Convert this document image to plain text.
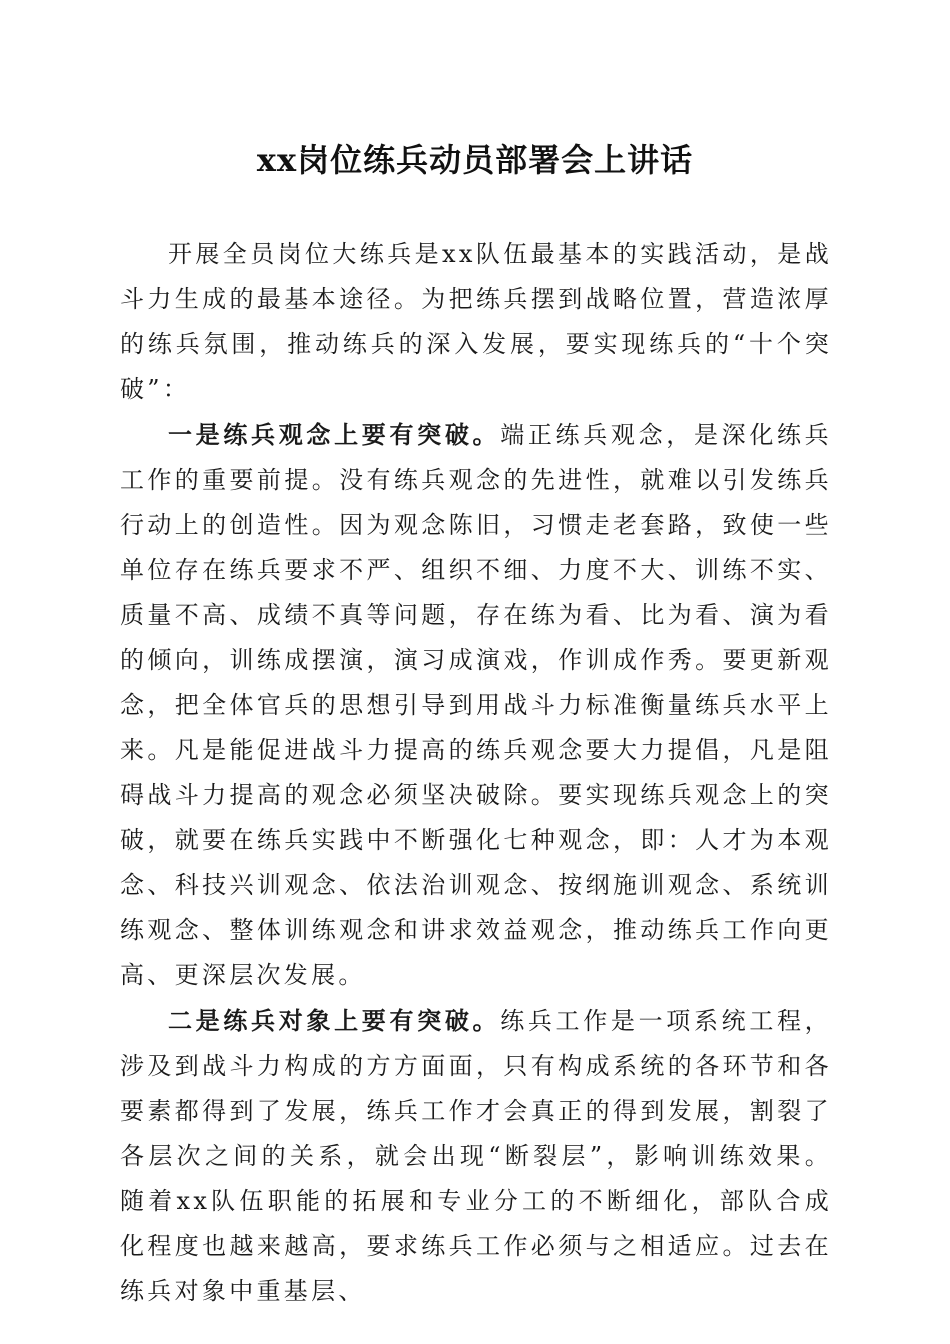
xx岗位练兵动员部署会上讲话

开展全员岗位大练兵是xx队伍最基本的实践活动，是战斗力生成的最基本途径。为把练兵摆到战略位置，营造浓厚的练兵氛围，推动练兵的深入发展，要实现练兵的“十个突破”：

一是练兵观念上要有突破。端正练兵观念，是深化练兵工作的重要前提。没有练兵观念的先进性，就难以引发练兵行动上的创造性。因为观念陈旧，习惯走老套路，致使一些单位存在练兵要求不严、组织不细、力度不大、训练不实、质量不高、成绩不真等问题，存在练为看、比为看、演为看的倾向，训练成摆演，演习成演戏，作训成作秀。要更新观念，把全体官兵的思想引导到用战斗力标准衡量练兵水平上来。凡是能促进战斗力提高的练兵观念要大力提倡，凡是阻碍战斗力提高的观念必须坚决破除。要实现练兵观念上的突破，就要在练兵实践中不断强化七种观念，即：人才为本观念、科技兴训观念、依法治训观念、按纲施训观念、系统训练观念、整体训练观念和讲求效益观念，推动练兵工作向更高、更深层次发展。

二是练兵对象上要有突破。练兵工作是一项系统工程，涉及到战斗力构成的方方面面，只有构成系统的各环节和各要素都得到了发展，练兵工作才会真正的得到发展，割裂了各层次之间的关系，就会出现“断裂层”，影响训练效果。随着xx队伍职能的拓展和专业分工的不断细化，部队合成化程度也越来越高，要求练兵工作必须与之相适应。过去在练兵对象中重基层、
